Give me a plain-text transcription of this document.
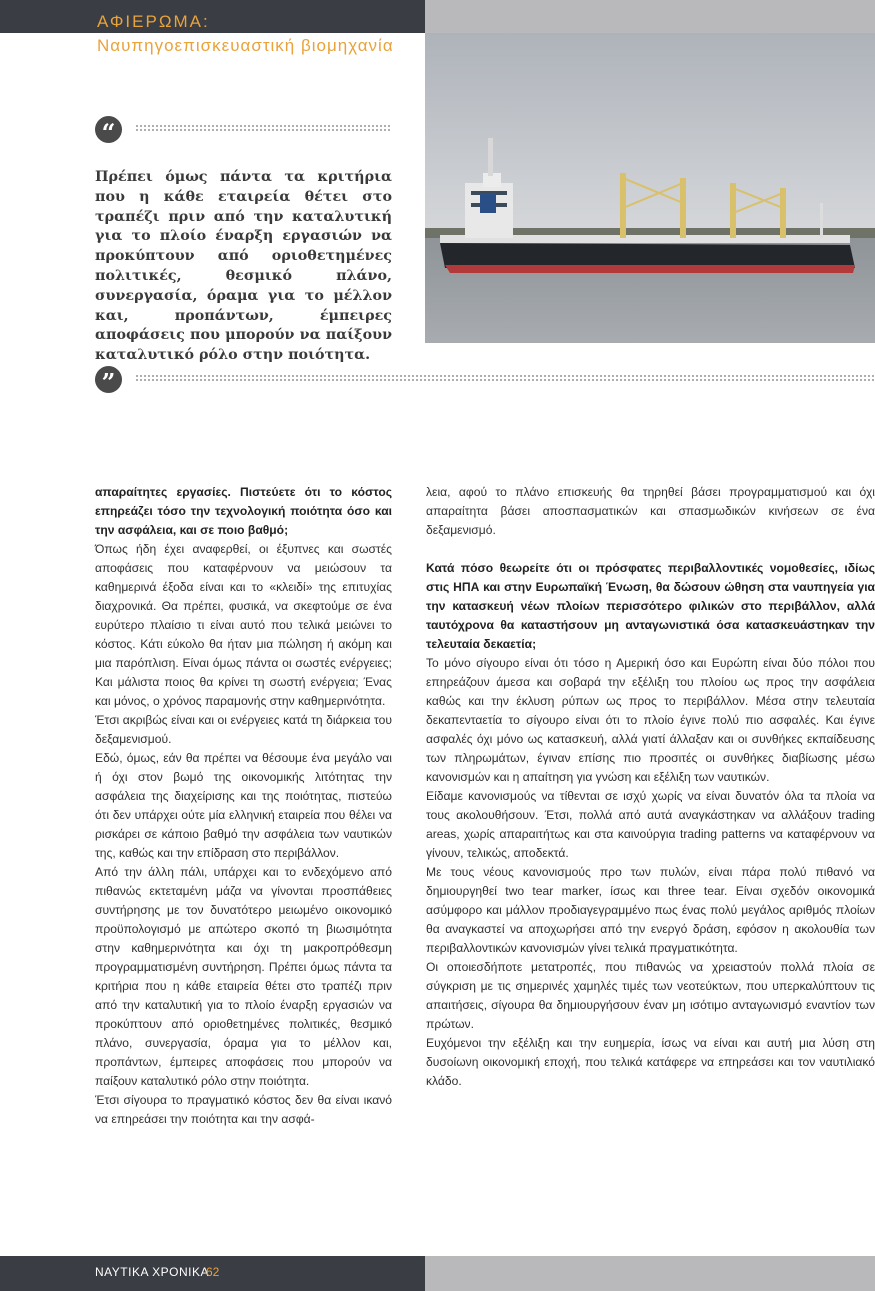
ΑΦΙΕΡΩΜΑ:
Ναυπηγοεπισκευαστική βιομηχανία
“

Πρέπει όμως πάντα τα κριτήρια που η κάθε εταιρεία θέτει στο τραπέζι πριν από την καταλυτική για το πλοίο έναρξη εργασιών να προκύπτουν από οριοθετημένες πολιτικές, θεσμικό πλάνο, συνεργασία, όραμα για το μέλλον και, προπάντων, έμπειρες αποφάσεις που μπορούν να παίξουν καταλυτικό ρόλο στην ποιότητα.

”

απαραίτητες εργασίες. Πιστεύετε ότι το κόστος επηρεάζει τόσο την τεχνολογική ποιότητα όσο και την ασφάλεια, και σε ποιο βαθμό;

Όπως ήδη έχει αναφερθεί, οι έξυπνες και σωστές αποφάσεις που καταφέρνουν να μειώσουν τα καθημερινά έξοδα είναι και το «κλειδί» της επιτυχίας διαχρονικά. Θα πρέπει, φυσικά, να σκεφτούμε σε ένα ευρύτερο πλαίσιο τι είναι αυτό που τελικά μειώνει το κόστος. Κάτι εύκολο θα ήταν μια πώληση ή ακόμη και μια παρόπλιση. Είναι όμως πάντα οι σωστές ενέργειες; Και μάλιστα ποιος θα κρίνει τη σωστή ενέργεια; Ένας και μόνος, ο χρόνος παραμονής στην καθημερινότητα.

Έτσι ακριβώς είναι και οι ενέργειες κατά τη διάρκεια του δεξαμενισμού.

Εδώ, όμως, εάν θα πρέπει να θέσουμε ένα μεγάλο ναι ή όχι στον βωμό της οικονομικής λιτότητας την ασφάλεια της διαχείρισης και της ποιότητας, πιστεύω ότι δεν υπάρχει ούτε μία ελληνική εταιρεία που θέλει να ρισκάρει σε κάποιο βαθμό την ασφάλεια των ναυτικών της, καθώς και την επίδραση στο περιβάλλον.

Από την άλλη πάλι, υπάρχει και το ενδεχόμενο από πιθανώς εκτεταμένη μάζα να γίνονται προσπάθειες συντήρησης με τον δυνατότερο μειωμένο οικονομικό προϋπολογισμό με απώτερο σκοπό τη βιωσιμότητα στην καθημερινότητα και όχι τη μακροπρόθεσμη προγραμματισμένη συντήρηση. Πρέπει όμως πάντα τα κριτήρια που η κάθε εταιρεία θέτει στο τραπέζι πριν από την καταλυτική για το πλοίο έναρξη εργασιών να προκύπτουν από οριοθετημένες πολιτικές, θεσμικό πλάνο, συνεργασία, όραμα για το μέλλον και, προπάντων, έμπειρες αποφάσεις που μπορούν να παίξουν καταλυτικό ρόλο στην ποιότητα.

Έτσι σίγουρα το πραγματικό κόστος δεν θα είναι ικανό να επηρεάσει την ποιότητα και την ασφά-

λεια, αφού το πλάνο επισκευής θα τηρηθεί βάσει προγραμματισμού και όχι απαραίτητα βάσει αποσπασματικών και σπασμωδικών κινήσεων σε ένα δεξαμενισμό.

Κατά πόσο θεωρείτε ότι οι πρόσφατες περιβαλλοντικές νομοθεσίες, ιδίως στις ΗΠΑ και στην Ευρωπαϊκή Ένωση, θα δώσουν ώθηση στα ναυπηγεία για την κατασκευή νέων πλοίων περισσότερο φιλικών στο περιβάλλον, αλλά ταυτόχρονα θα καταστήσουν μη ανταγωνιστικά όσα κατασκευάστηκαν την τελευταία δεκαετία;

Το μόνο σίγουρο είναι ότι τόσο η Αμερική όσο και Ευρώπη είναι δύο πόλοι που επηρεάζουν άμεσα και σοβαρά την εξέλιξη του πλοίου ως προς την ασφάλεια καθώς και την έκλυση ρύπων ως προς το περιβάλλον. Μέσα στην τελευταία δεκαπενταετία το σίγουρο είναι ότι το πλοίο έγινε πολύ πιο ασφαλές. Και έγινε ασφαλές όχι μόνο ως κατασκευή, αλλά γιατί άλλαξαν και οι συνθήκες εκπαίδευσης των πληρωμάτων, έγιναν επίσης πιο προσιτές οι συνθήκες διαβίωσης μέσω κανονισμών και η απαίτηση για γνώση και εξέλιξη των ναυτικών.

Είδαμε κανονισμούς να τίθενται σε ισχύ χωρίς να είναι δυνατόν όλα τα πλοία να τους ακολουθήσουν. Έτσι, πολλά από αυτά αναγκάστηκαν να αλλάξουν trading areas, χωρίς απαραιτήτως και στα καινούργια trading patterns να καταφέρνουν να γίνουν, τελικώς, αποδεκτά.

Με τους νέους κανονισμούς προ των πυλών, είναι πάρα πολύ πιθανό να δημιουργηθεί two tear marker, ίσως και three tear. Είναι σχεδόν οικονομικά ασύμφορο και μάλλον προδιαγεγραμμένο πως ένας πολύ μεγάλος αριθμός πλοίων θα αναγκαστεί να αποχωρήσει από την ενεργό δράση, εφόσον η ακολουθία των περιβαλλοντικών κανονισμών γίνει τελικά πραγματικότητα.

Οι οποιεσδήποτε μετατροπές, που πιθανώς να χρειαστούν πολλά πλοία σε σύγκριση με τις σημερινές χαμηλές τιμές των νεοτεύκτων, που υπερκαλύπτουν τις απαιτήσεις, σίγουρα θα δημιουργήσουν έναν μη ισότιμο ανταγωνισμό εναντίον των πρώτων.

Ευχόμενοι την εξέλιξη και την ευημερία, ίσως να είναι και αυτή μια λύση στη δυσοίωνη οικονομική εποχή, που τελικά κατάφερε να επηρεάσει και τον ναυτιλιακό κλάδο.

ΝΑΥΤΙΚΑ ΧΡΟΝΙΚΑ
62
